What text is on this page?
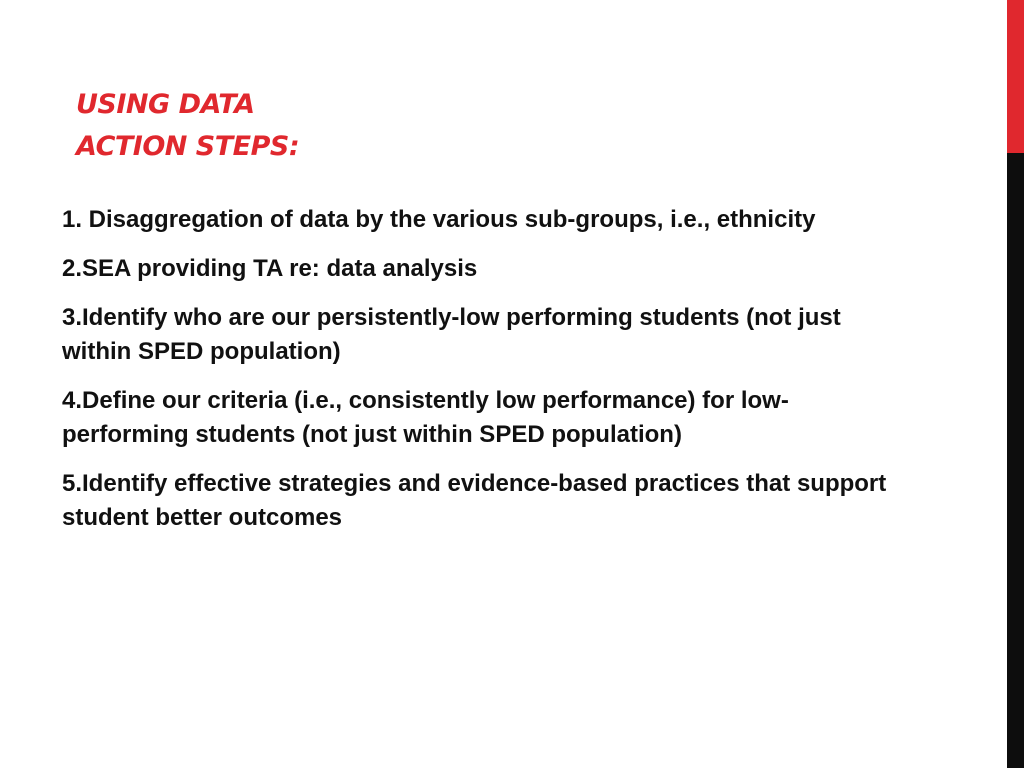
USING DATA
ACTION STEPS:
1. Disaggregation of data by the various sub-groups, i.e., ethnicity
2.SEA providing TA re: data analysis
3.Identify who are our persistently-low performing students (not just within SPED population)
4.Define our criteria (i.e., consistently low performance) for low-performing students (not just within SPED population)
5.Identify effective strategies and evidence-based practices that support student better outcomes
